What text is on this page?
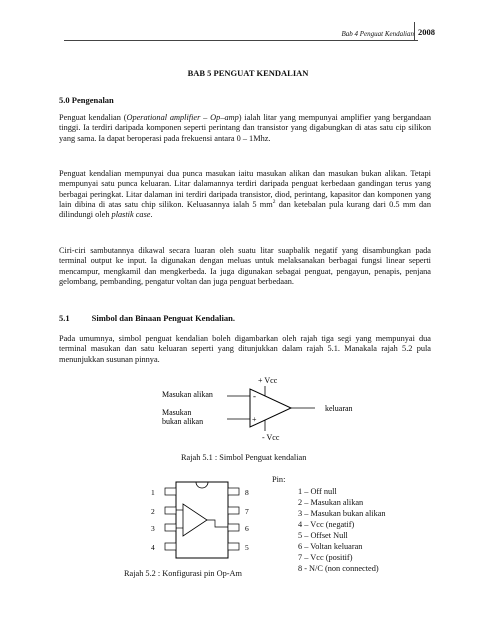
Bab 4 Penguat Kendalian 2008
BAB 5 PENGUAT KENDALIAN
5.0 Pengenalan
Penguat kendalian (Operational amplifier – Op–amp) ialah litar yang mempunyai amplifier yang bergandaan tinggi. Ia terdiri daripada komponen seperti perintang dan transistor yang digabungkan di atas satu cip silikon yang sama. Ia dapat beroperasi pada frekuensi antara 0 – 1Mhz.
Penguat kendalian mempunyai dua punca masukan iaitu masukan alikan dan masukan bukan alikan. Tetapi mempunyai satu punca keluaran. Litar dalamannya terdiri daripada penguat kerbedaan gandingan terus yang berbagai peringkat. Litar dalaman ini terdiri daripada transistor, diod, perintang, kapasitor dan komponen yang lain dibina di atas satu chip silikon. Keluasannya ialah 5 $mm^2$ dan ketebalan pula kurang dari 0.5 mm dan dilindungi oleh plastik case.
Ciri-ciri sambutannya dikawal secara luaran oleh suatu litar suapbalik negatif yang disambungkan pada terminal output ke input. Ia digunakan dengan meluas untuk melaksanakan berbagai fungsi linear seperti mencampur, mengkamil dan mengkerbeda. Ia juga digunakan sebagai penguat, pengayun, penapis, penjana gelombang, pembanding, pengatur voltan dan juga penguat berbedaan.
5.1	Simbol dan Binaan Penguat Kendalian.
Pada umumnya, simbol penguat kendalian boleh digambarkan oleh rajah tiga segi yang mempunyai dua terminal masukan dan satu keluaran seperti yang ditunjukkan dalam rajah 5.1. Manakala rajah 5.2 pula menunjukkan susunan pinnya.
+ Vcc
- Vcc
-
+
Masukan alikan
Masukan
bukan alikan
keluaran
Rajah 5.1 : Simbol Penguat kendalian
1
2
3
4
8
7
6
5
Rajah 5.2 : Konfigurasi pin Op-Am
Pin:
1 – Off null
2 – Masukan alikan
3 – Masukan bukan alikan
4 – Vcc (negatif)
5 – Offset Null
6 – Voltan keluaran
7 – Vcc (positif)
8 - N/C (non connected)
